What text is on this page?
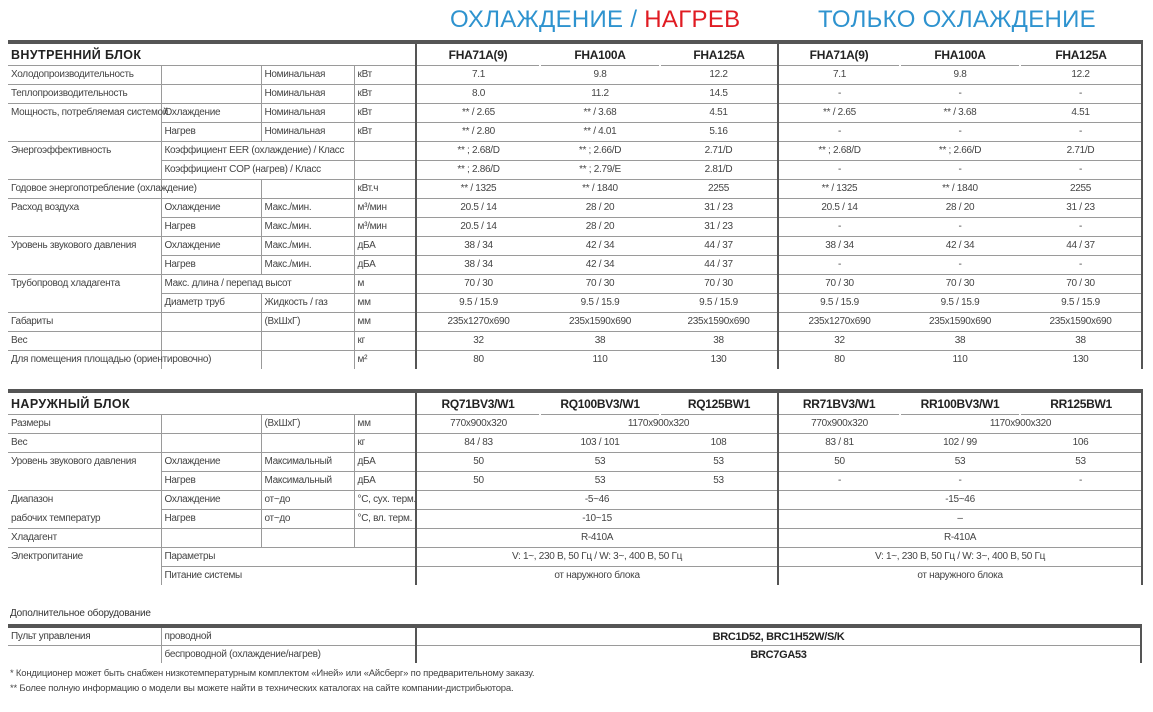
ОХЛАЖДЕНИЕ / НАГРЕВ	ТОЛЬКО ОХЛАЖДЕНИЕ
ВНУТРЕННИЙ БЛОК				FHA71A(9)	FHA100A	FHA125A	FHA71A(9)	FHA100A	FHA125A
Холодопроизводительность		Номинальная	кВт	7.1	9.8	12.2	7.1	9.8	12.2
Теплопроизводительность		Номинальная	кВт	8.0	11.2	14.5	-	-	-
Мощность, потребляемая системой	Охлаждение	Номинальная	кВт	** / 2.65	** / 3.68	4.51	** / 2.65	** / 3.68	4.51
	Нагрев	Номинальная	кВт	** / 2.80	** / 4.01	5.16	-	-	-
Энергоэффективность	Коэффициент EER (охлаждение) / Класс			** ; 2.68/D	** ; 2.66/D	2.71/D	** ; 2.68/D	** ; 2.66/D	2.71/D
	Коэффициент COP (нагрев) / Класс			** ; 2.86/D	** ; 2.79/E	2.81/D	-	-	-
Годовое энергопотребление (охлаждение)			кВт.ч	** / 1325	** / 1840	2255	** / 1325	** / 1840	2255
Расход воздуха	Охлаждение	Макс./мин.	м³/мин	20.5 / 14	28 / 20	31 / 23	20.5 / 14	28 / 20	31 / 23
	Нагрев	Макс./мин.	м³/мин	20.5 / 14	28 / 20	31 / 23	-	-	-
Уровень звукового давления	Охлаждение	Макс./мин.	дБА	38 / 34	42 / 34	44 / 37	38 / 34	42 / 34	44 / 37
	Нагрев	Макс./мин.	дБА	38 / 34	42 / 34	44 / 37	-	-	-
Трубопровод хладагента	Макс. длина / перепад высот		м	70 / 30	70 / 30	70 / 30	70 / 30	70 / 30	70 / 30
	Диаметр труб	Жидкость / газ	мм	9.5 / 15.9	9.5 / 15.9	9.5 / 15.9	9.5 / 15.9	9.5 / 15.9	9.5 / 15.9
Габариты		(ВхШхГ)	мм	235x1270x690	235x1590x690	235x1590x690	235x1270x690	235x1590x690	235x1590x690
Вес			кг	32	38	38	32	38	38
Для помещения площадью (ориентировочно)			м²	80	110	130	80	110	130
НАРУЖНЫЙ БЛОК				RQ71BV3/W1	RQ100BV3/W1	RQ125BW1	RR71BV3/W1	RR100BV3/W1	RR125BW1
Размеры		(ВхШхГ)	мм	770x900x320	1170x900x320		770x900x320	1170x900x320	
Вес			кг	84 / 83	103 / 101	108	83 / 81	102 / 99	106
Уровень звукового давления	Охлаждение	Максимальный	дБА	50	53	53	50	53	53
	Нагрев	Максимальный	дБА	50	53	53	-	-	-
Диапазон	Охлаждение	от~до	°С, сух. терм.	-5~46			-15~46		
рабочих температур	Нагрев	от~до	°С, вл. терм.	-10~15			–		
Хладагент				R-410A			R-410A		
Электропитание	Параметры			V: 1~, 230 В, 50 Гц / W: 3~, 400 В, 50 Гц			V: 1~, 230 В, 50 Гц / W: 3~, 400 В, 50 Гц		
	Питание системы			от наружного блока			от наружного блока		
Дополнительное оборудование
Пульт управления	проводной	BRC1D52, BRC1H52W/S/K
	беспроводной (охлаждение/нагрев)	BRC7GA53
* Кондиционер может быть снабжен низкотемпературным комплектом «Иней» или «Айсберг» по предварительному заказу.
** Более полную информацию о модели вы можете найти в технических каталогах на сайте компании-дистрибьютора.
